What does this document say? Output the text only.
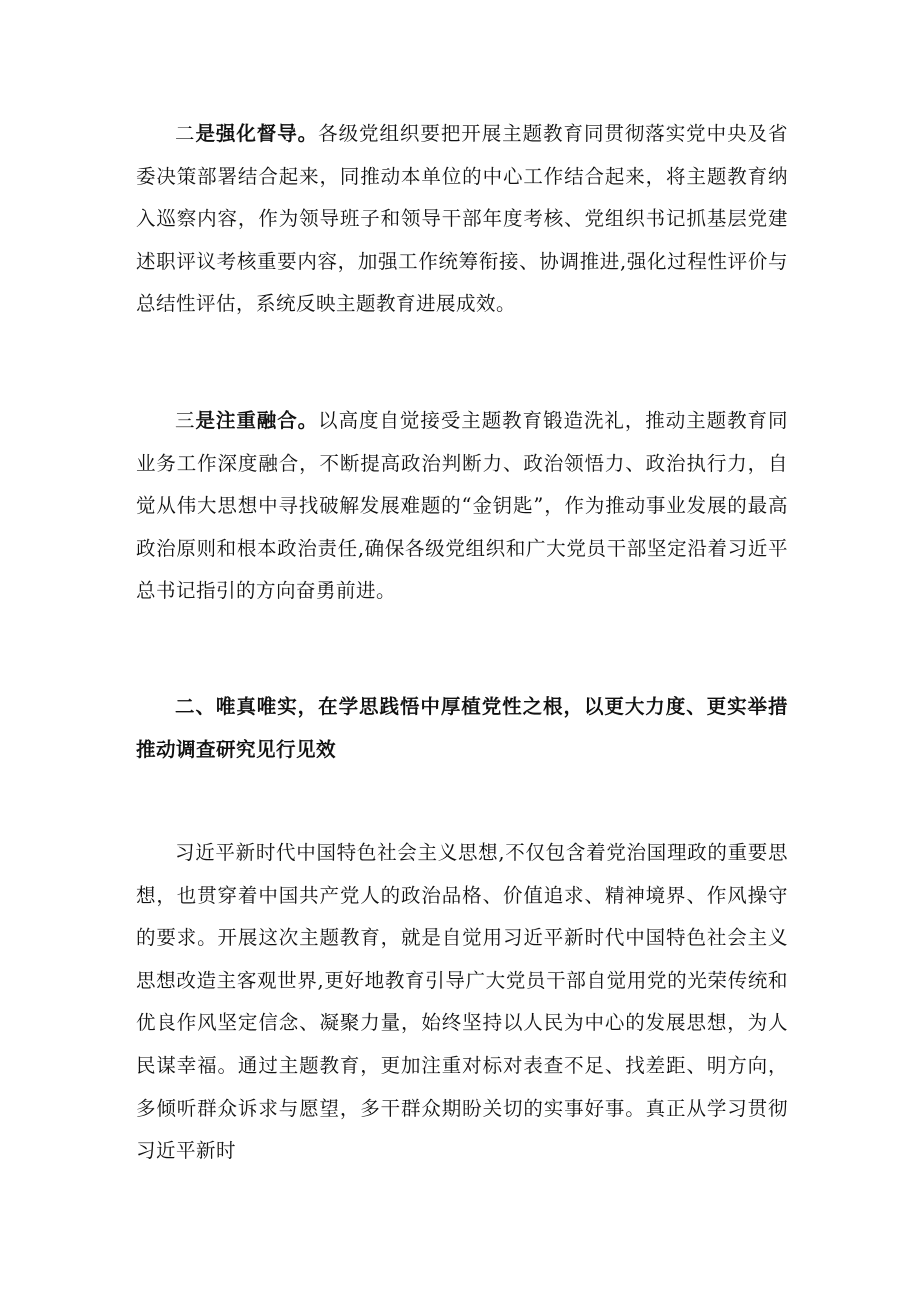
二是强化督导。各级党组织要把开展主题教育同贯彻落实党中央及省委决策部署结合起来，同推动本单位的中心工作结合起来，将主题教育纳入巡察内容，作为领导班子和领导干部年度考核、党组织书记抓基层党建述职评议考核重要内容，加强工作统筹衔接、协调推进,强化过程性评价与总结性评估，系统反映主题教育进展成效。

三是注重融合。以高度自觉接受主题教育锻造洗礼，推动主题教育同业务工作深度融合，不断提高政治判断力、政治领悟力、政治执行力，自觉从伟大思想中寻找破解发展难题的“金钥匙”，作为推动事业发展的最高政治原则和根本政治责任,确保各级党组织和广大党员干部坚定沿着习近平总书记指引的方向奋勇前进。

二、唯真唯实，在学思践悟中厚植党性之根，以更大力度、更实举措推动调查研究见行见效

习近平新时代中国特色社会主义思想,不仅包含着党治国理政的重要思想，也贯穿着中国共产党人的政治品格、价值追求、精神境界、作风操守的要求。开展这次主题教育，就是自觉用习近平新时代中国特色社会主义思想改造主客观世界,更好地教育引导广大党员干部自觉用党的光荣传统和优良作风坚定信念、凝聚力量，始终坚持以人民为中心的发展思想，为人民谋幸福。通过主题教育，更加注重对标对表查不足、找差距、明方向，多倾听群众诉求与愿望，多干群众期盼关切的实事好事。真正从学习贯彻习近平新时
